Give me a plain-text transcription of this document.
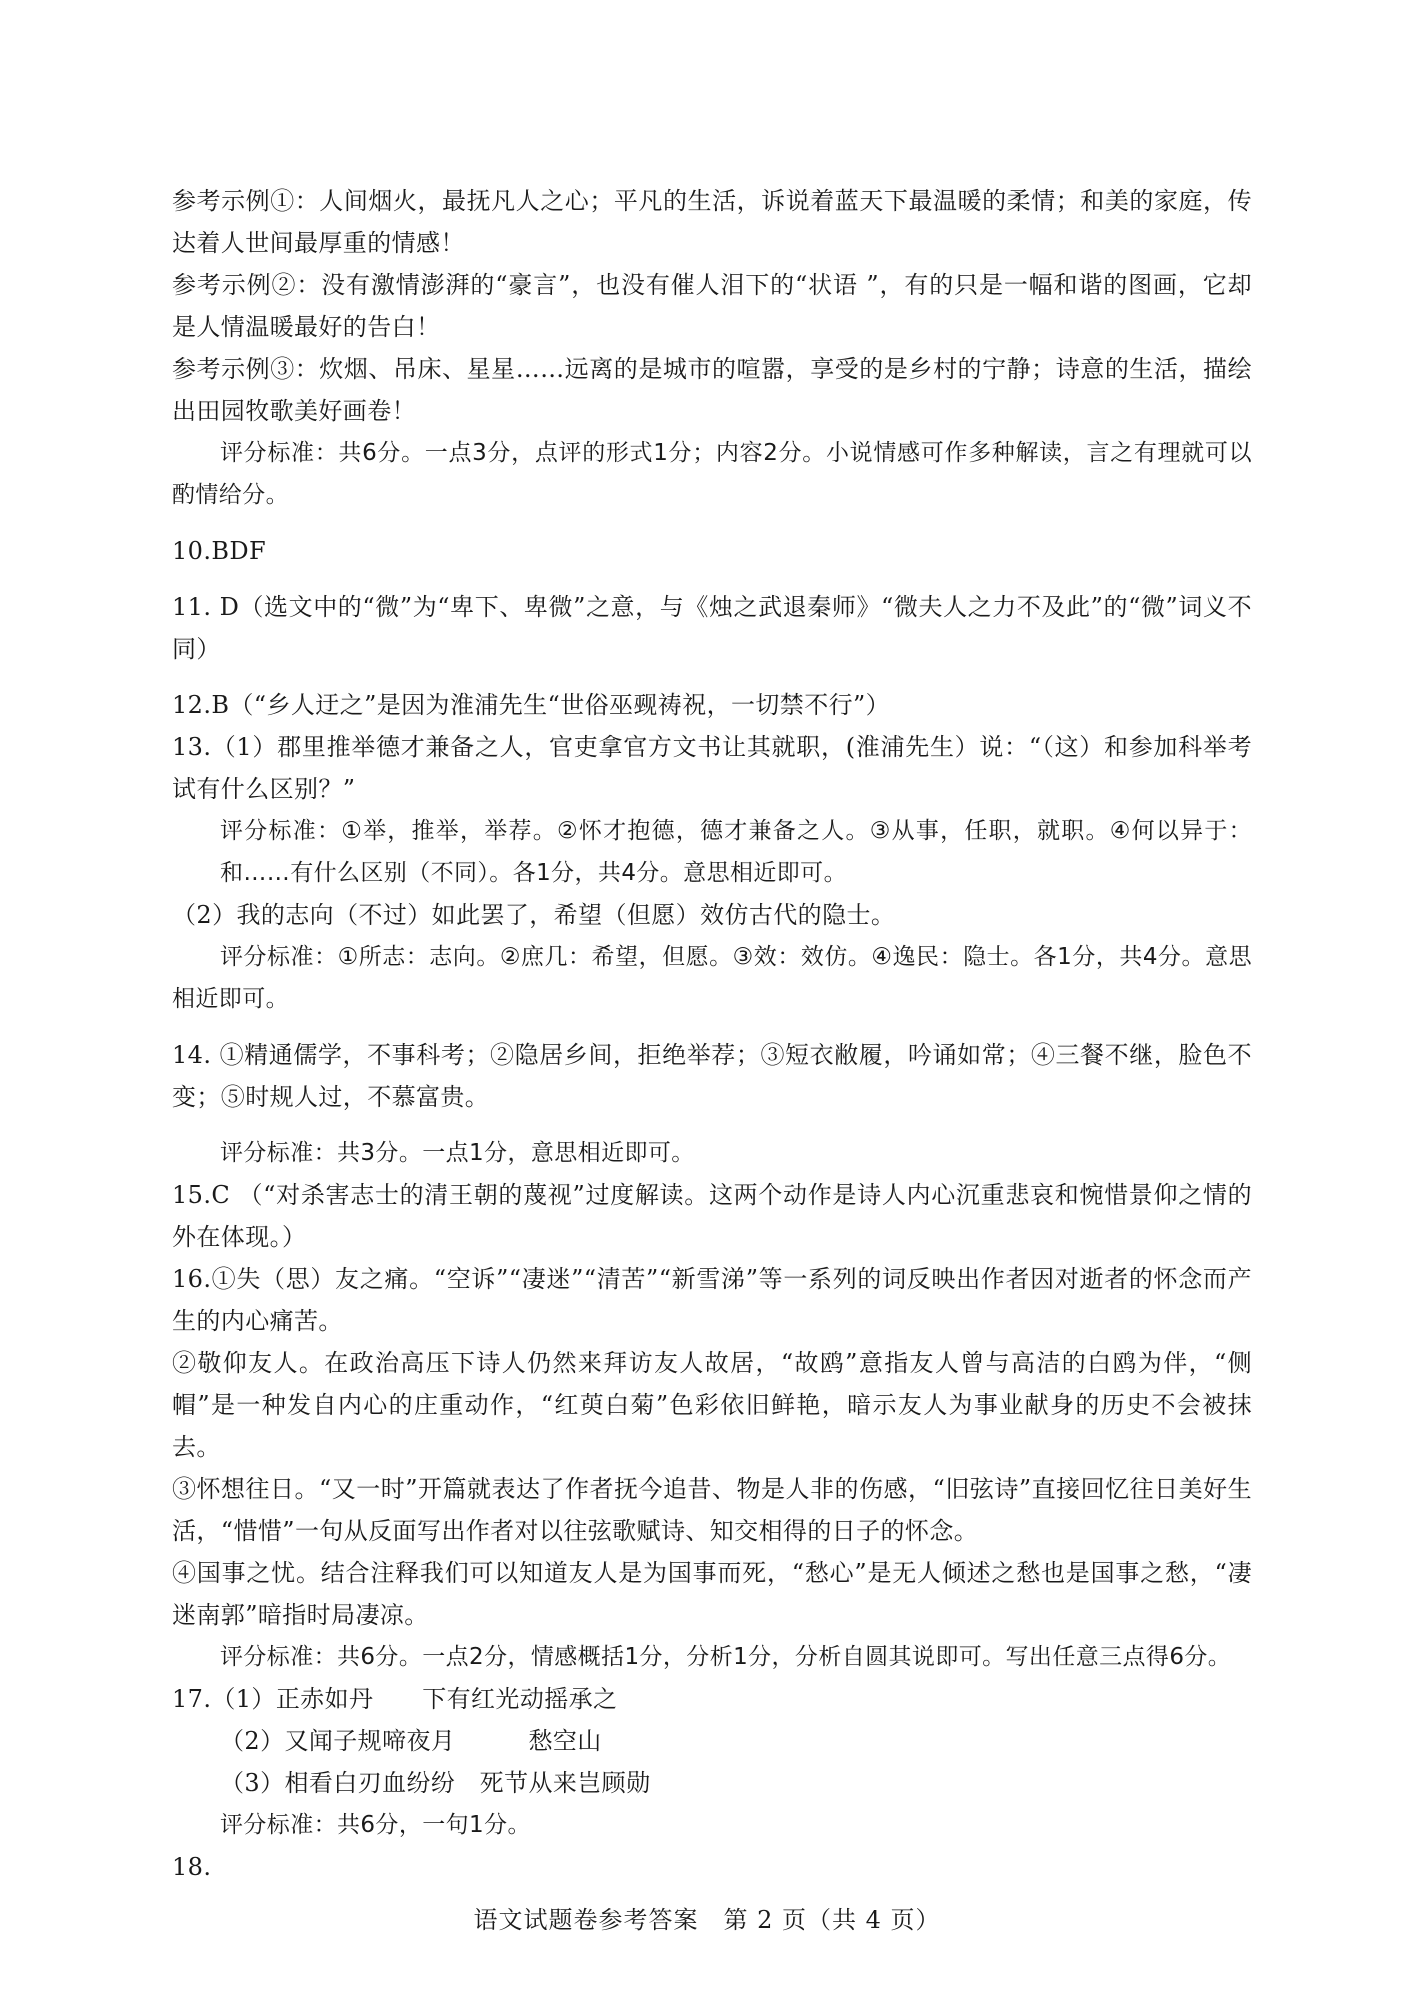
参考示例①：人间烟火，最抚凡人之心；平凡的生活，诉说着蓝天下最温暖的柔情；和美的家庭，传达着人世间最厚重的情感！

参考示例②：没有激情澎湃的“豪言”，也没有催人泪下的“状语 ”，有的只是一幅和谐的图画，它却是人情温暖最好的告白！

参考示例③：炊烟、吊床、星星……远离的是城市的喧嚣，享受的是乡村的宁静；诗意的生活，描绘出田园牧歌美好画卷！

评分标准：共6分。一点3分，点评的形式1分；内容2分。小说情感可作多种解读，言之有理就可以酌情给分。

10.BDF

11. D（选文中的“微”为“卑下、卑微”之意，与《烛之武退秦师》“微夫人之力不及此”的“微”词义不同）

12.B（“乡人迂之”是因为淮浦先生“世俗巫觋祷祝，一切禁不行”）

13.（1）郡里推举德才兼备之人，官吏拿官方文书让其就职，(淮浦先生）说：“（这）和参加科举考试有什么区别？”

评分标准：①举，推举，举荐。②怀才抱德，德才兼备之人。③从事，任职，就职。④何以异于：和……有什么区别（不同）。各1分，共4分。意思相近即可。

（2）我的志向（不过）如此罢了，希望（但愿）效仿古代的隐士。

评分标准：①所志：志向。②庶几：希望，但愿。③效：效仿。④逸民：隐士。各1分，共4分。意思相近即可。

14. ①精通儒学，不事科考；②隐居乡间，拒绝举荐；③短衣敝履，吟诵如常；④三餐不继，脸色不变；⑤时规人过，不慕富贵。

评分标准：共3分。一点1分，意思相近即可。

15.C （“对杀害志士的清王朝的蔑视”过度解读。这两个动作是诗人内心沉重悲哀和惋惜景仰之情的外在体现。）

16.①失（思）友之痛。“空诉”“凄迷”“清苦”“新雪涕”等一系列的词反映出作者因对逝者的怀念而产生的内心痛苦。

②敬仰友人。在政治高压下诗人仍然来拜访友人故居，“故鸥”意指友人曾与高洁的白鸥为伴，“侧帽”是一种发自内心的庄重动作，“红萸白菊”色彩依旧鲜艳，暗示友人为事业献身的历史不会被抹去。

③怀想往日。“又一时”开篇就表达了作者抚今追昔、物是人非的伤感，“旧弦诗”直接回忆往日美好生活，“惜惜”一句从反面写出作者对以往弦歌赋诗、知交相得的日子的怀念。

④国事之忧。结合注释我们可以知道友人是为国事而死，“愁心”是无人倾述之愁也是国事之愁，“凄迷南郭”暗指时局凄凉。

评分标准：共6分。一点2分，情感概括1分，分析1分，分析自圆其说即可。写出任意三点得6分。

17.（1）正赤如丹　　下有红光动摇承之

（2）又闻子规啼夜月　　　愁空山

（3）相看白刃血纷纷　死节从来岂顾勋

评分标准：共6分，一句1分。

18.

语文试题卷参考答案　第 2 页（共 4 页）
